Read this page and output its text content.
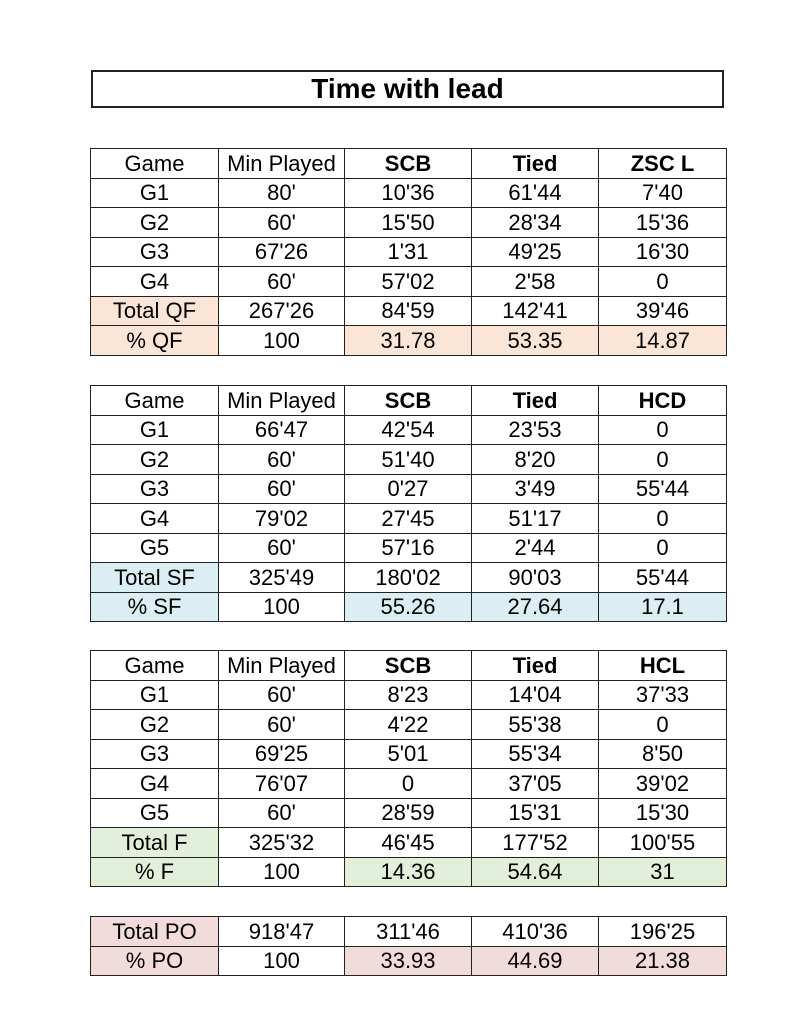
Time with lead
Game	Min Played	SCB	Tied	ZSC L
G1	80'	10'36	61'44	7'40
G2	60'	15'50	28'34	15'36
G3	67'26	1'31	49'25	16'30
G4	60'	57'02	2'58	0
Total QF	267'26	84'59	142'41	39'46
% QF	100	31.78	53.35	14.87
Game	Min Played	SCB	Tied	HCD
G1	66'47	42'54	23'53	0
G2	60'	51'40	8'20	0
G3	60'	0'27	3'49	55'44
G4	79'02	27'45	51'17	0
G5	60'	57'16	2'44	0
Total SF	325'49	180'02	90'03	55'44
% SF	100	55.26	27.64	17.1
Game	Min Played	SCB	Tied	HCL
G1	60'	8'23	14'04	37'33
G2	60'	4'22	55'38	0
G3	69'25	5'01	55'34	8'50
G4	76'07	0	37'05	39'02
G5	60'	28'59	15'31	15'30
Total F	325'32	46'45	177'52	100'55
% F	100	14.36	54.64	31
Total PO	918'47	311'46	410'36	196'25
% PO	100	33.93	44.69	21.38
